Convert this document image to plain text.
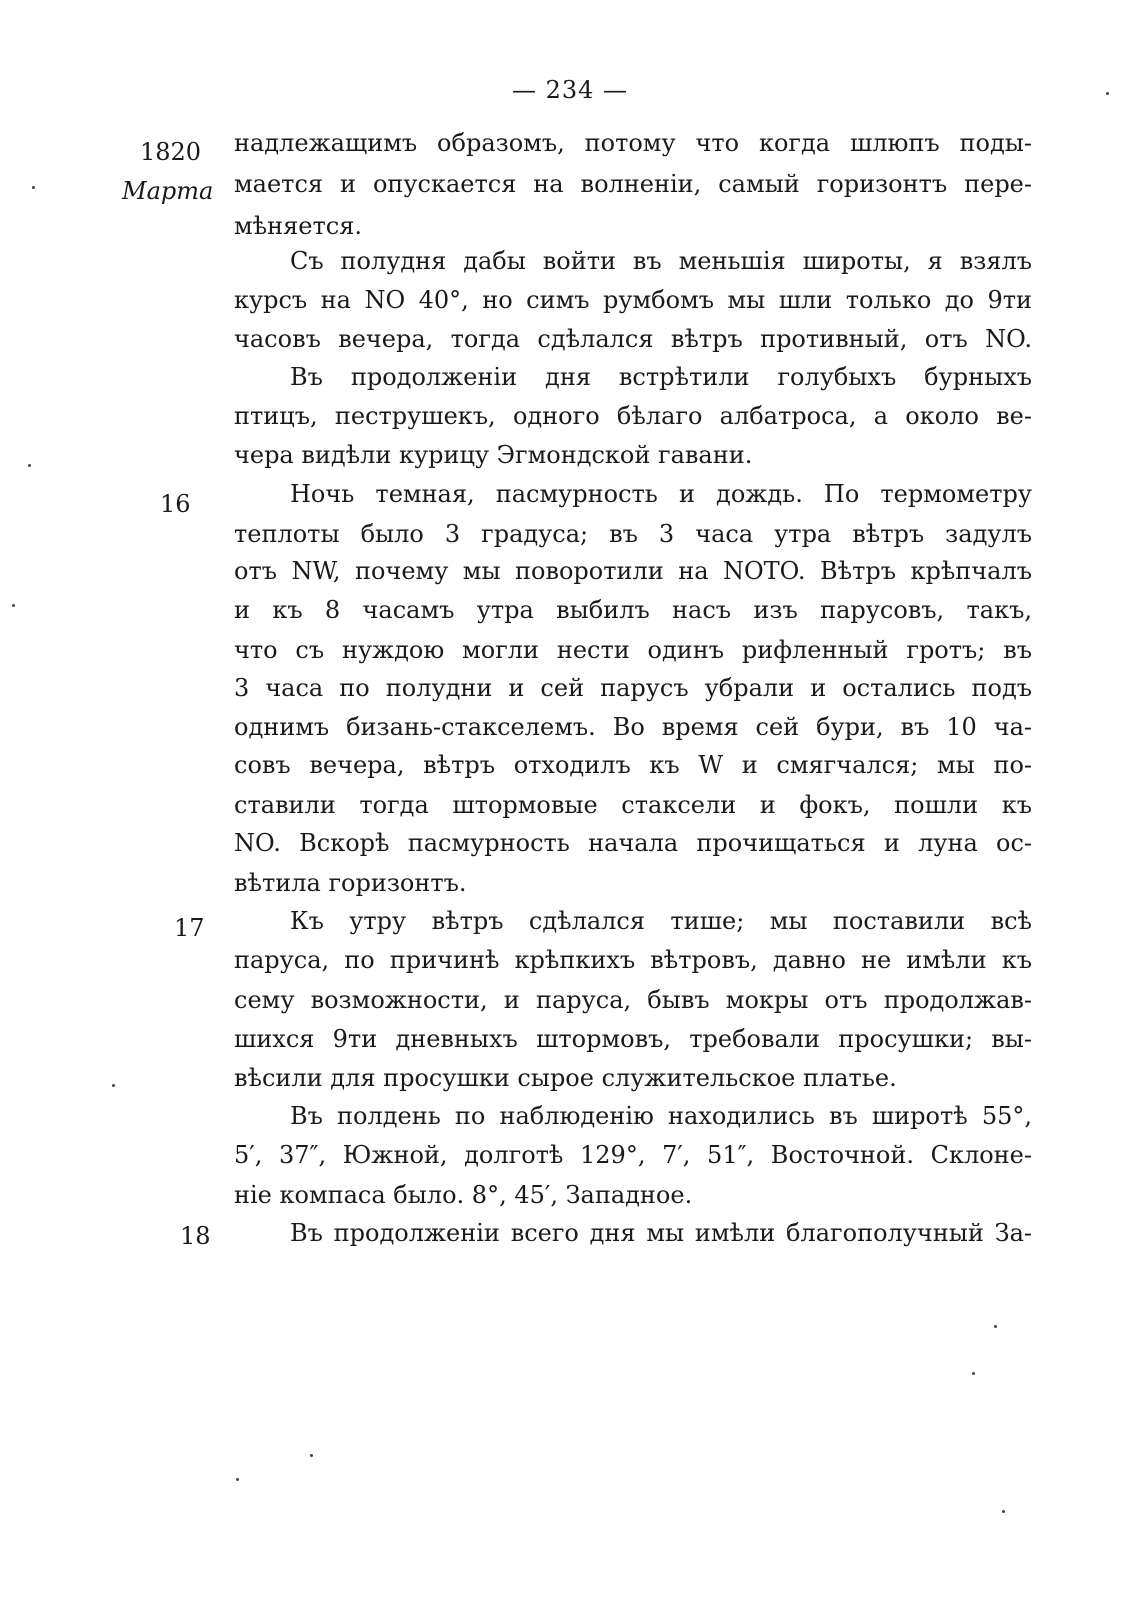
— 234 —
1820
Марта
16
17
18
надлежащимъ образомъ, потому что когда шлюпъ поды-
мается и опускается на волненіи, самый горизонтъ пере-
мѣняется.
Съ полудня дабы войти въ меньшія широты, я взялъ
курсъ на NO 40°, но симъ румбомъ мы шли только до 9ти
часовъ вечера, тогда сдѣлался вѣтръ противный, отъ NO.
Въ продолженіи дня встрѣтили голубыхъ бурныхъ
птицъ, пеструшекъ, одного бѣлаго албатроса, а около ве-
чера видѣли курицу Эгмондской гавани.
Ночь темная, пасмурность и дождь. По термометру
теплоты было 3 градуса; въ 3 часа утра вѣтръ задулъ
отъ NW, почему мы поворотили на NOTO. Вѣтръ крѣпчалъ
и къ 8 часамъ утра выбилъ насъ изъ парусовъ, такъ,
что съ нуждою могли нести одинъ рифленный гротъ; въ
3 часа по полудни и сей парусъ убрали и остались подъ
однимъ бизань-стакселемъ. Во время сей бури, въ 10 ча-
совъ вечера, вѣтръ отходилъ къ W и смягчался; мы по-
ставили тогда штормовые стаксели и фокъ, пошли къ
NO. Вскорѣ пасмурность начала прочищаться и луна ос-
вѣтила горизонтъ.
Къ утру вѣтръ сдѣлался тише; мы поставили всѣ
паруса, по причинѣ крѣпкихъ вѣтровъ, давно не имѣли къ
сему возможности, и паруса, бывъ мокры отъ продолжав-
шихся 9ти дневныхъ штормовъ, требовали просушки; вы-
вѣсили для просушки сырое служительское платье.
Въ полдень по наблюденію находились въ широтѣ 55°,
5′, 37″, Южной, долготѣ 129°, 7′, 51″, Восточной. Склоне-
ніе компаса было. 8°, 45′, Западное.
Въ продолженіи всего дня мы имѣли благополучный За-
